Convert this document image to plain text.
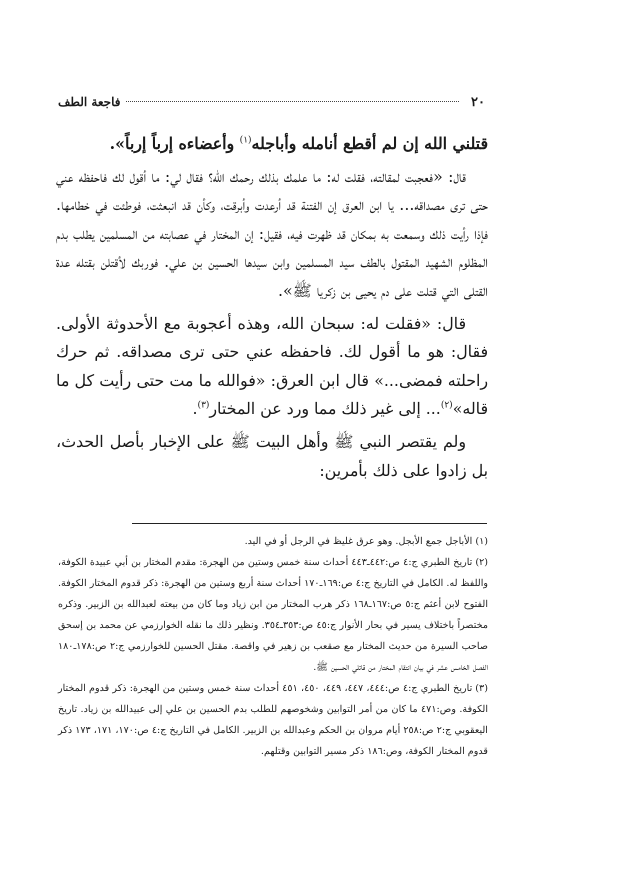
٢٠
فاجعة الطف

قتلني الله إن لم أقطع أنامله وأباجله$^{(١)}$ وأعضاءه إرباً إرباً».

قال: «فعجبت لمقالته، فقلت له: ما علمك بذلك رحمك الله؟ فقال لي: ما أقول لك فاحفظه عني حتى ترى مصداقه... يا ابن العرق إن الفتنة قد أرعدت وأبرقت، وكأن قد انبعثت، فوطئت في خطامها. فإذا رأيت ذلك وسمعت به بمكان قد ظهرت فيه، فقيل: إن المختار في عصابته من المسلمين يطلب بدم المظلوم الشهيد المقتول بالطف سيد المسلمين وابن سيدها الحسين بن علي. فوربك لأقتلن بقتله عدة القتلى التي قتلت على دم يحيى بن زكريا ﷺ».

قال: «فقلت له: سبحان الله، وهذه أعجوبة مع الأحدوثة الأولى. فقال: هو ما أقول لك. فاحفظه عني حتى ترى مصداقه. ثم حرك راحلته فمضى...» قال ابن العرق: «فوالله ما مت حتى رأيت كل ما قاله»$^{(٢)}$... إلى غير ذلك مما ورد عن المختار$^{(٣)}$.

ولم يقتصر النبي ﷺ وأهل البيت ﷺ على الإخبار بأصل الحدث، بل زادوا على ذلك بأمرين:

(١)الأباجل جمع الأبجل. وهو عرق غليظ في الرجل أو في اليد.

(٢)تاريخ الطبري ج:٤ ص:٤٤٢ـ٤٤٣ أحداث سنة خمس وستين من الهجرة: مقدم المختار بن أبي عبيدة الكوفة، واللفظ له. الكامل في التاريخ ج:٤ ص:١٦٩ـ١٧٠ أحداث سنة أربع وستين من الهجرة: ذكر قدوم المختار الكوفة. الفتوح لابن أعثم ج:٥ ص:١٦٧ـ١٦٨ ذكر هرب المختار من ابن زياد وما كان من بيعته لعبدالله بن الزبير. وذكره مختصراً باختلاف يسير في بحار الأنوار ج:٤٥ ص:٣٥٣ـ٣٥٤. ونظير ذلك ما نقله الخوارزمي عن محمد بن إسحق صاحب السيرة من حديث المختار مع صقعب بن زهير في واقصة. مقتل الحسين للخوارزمي ج:٢ ص:١٧٨ـ١٨٠ الفصل الخامس عشر في بيان انتقام المختار من قاتلي الحسين ﷺ.

(٣)تاريخ الطبري ج:٤ ص:٤٤٤، ٤٤٧، ٤٤٩، ٤٥٠، ٤٥١ أحداث سنة خمس وستين من الهجرة: ذكر قدوم المختار الكوفة. وص:٤٧١ ما كان من أمر التوابين وشخوصهم للطلب بدم الحسين بن علي إلى عبيدالله بن زياد. تاريخ اليعقوبي ج:٢ ص:٢٥٨ أيام مروان بن الحكم وعبدالله بن الزبير. الكامل في التاريخ ج:٤ ص:١٧٠، ١٧١، ١٧٣ ذكر قدوم المختار الكوفة، وص:١٨٦ ذكر مسير التوابين وقتلهم.
